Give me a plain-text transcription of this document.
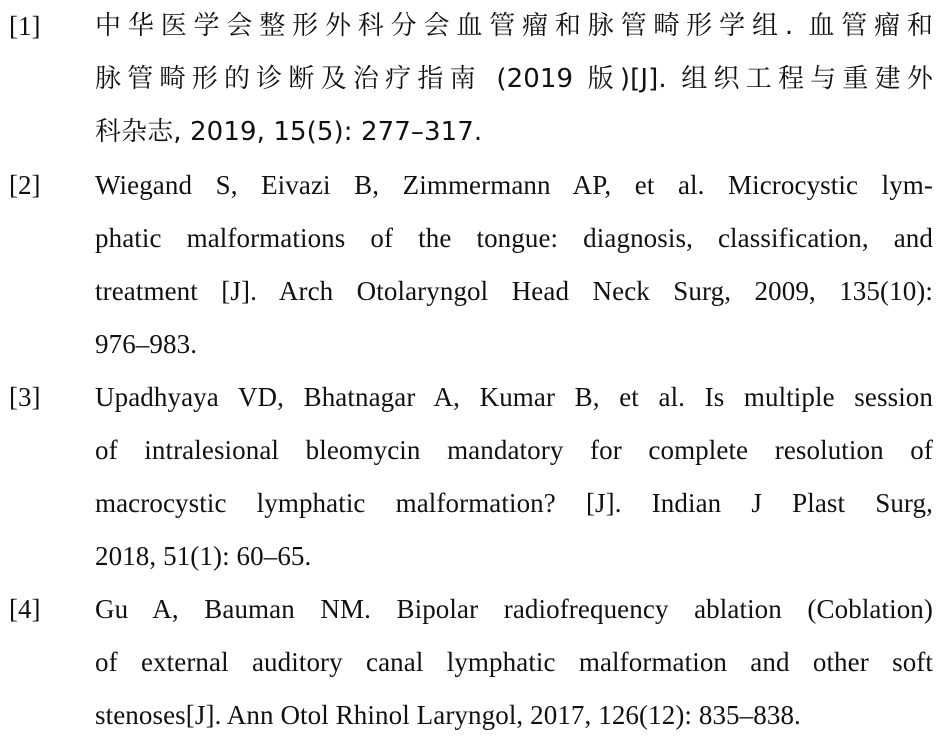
[1] 中华医学会整形外科分会血管瘤和脉管畸形学组. 血管瘤和
脉管畸形的诊断及治疗指南 (2019 版)[J]. 组织工程与重建外
科杂志, 2019, 15(5): 277–317.
[2] Wiegand S, Eivazi B, Zimmermann AP, et al. Microcystic lym-
phatic malformations of the tongue: diagnosis, classification, and
treatment [J]. Arch Otolaryngol Head Neck Surg, 2009, 135(10):
976–983.
[3] Upadhyaya VD, Bhatnagar A, Kumar B, et al. Is multiple session
of intralesional bleomycin mandatory for complete resolution of
macrocystic lymphatic malformation? [J]. Indian J Plast Surg,
2018, 51(1): 60–65.
[4] Gu A, Bauman NM. Bipolar radiofrequency ablation (Coblation)
of external auditory canal lymphatic malformation and other soft
stenoses[J]. Ann Otol Rhinol Laryngol, 2017, 126(12): 835–838.
